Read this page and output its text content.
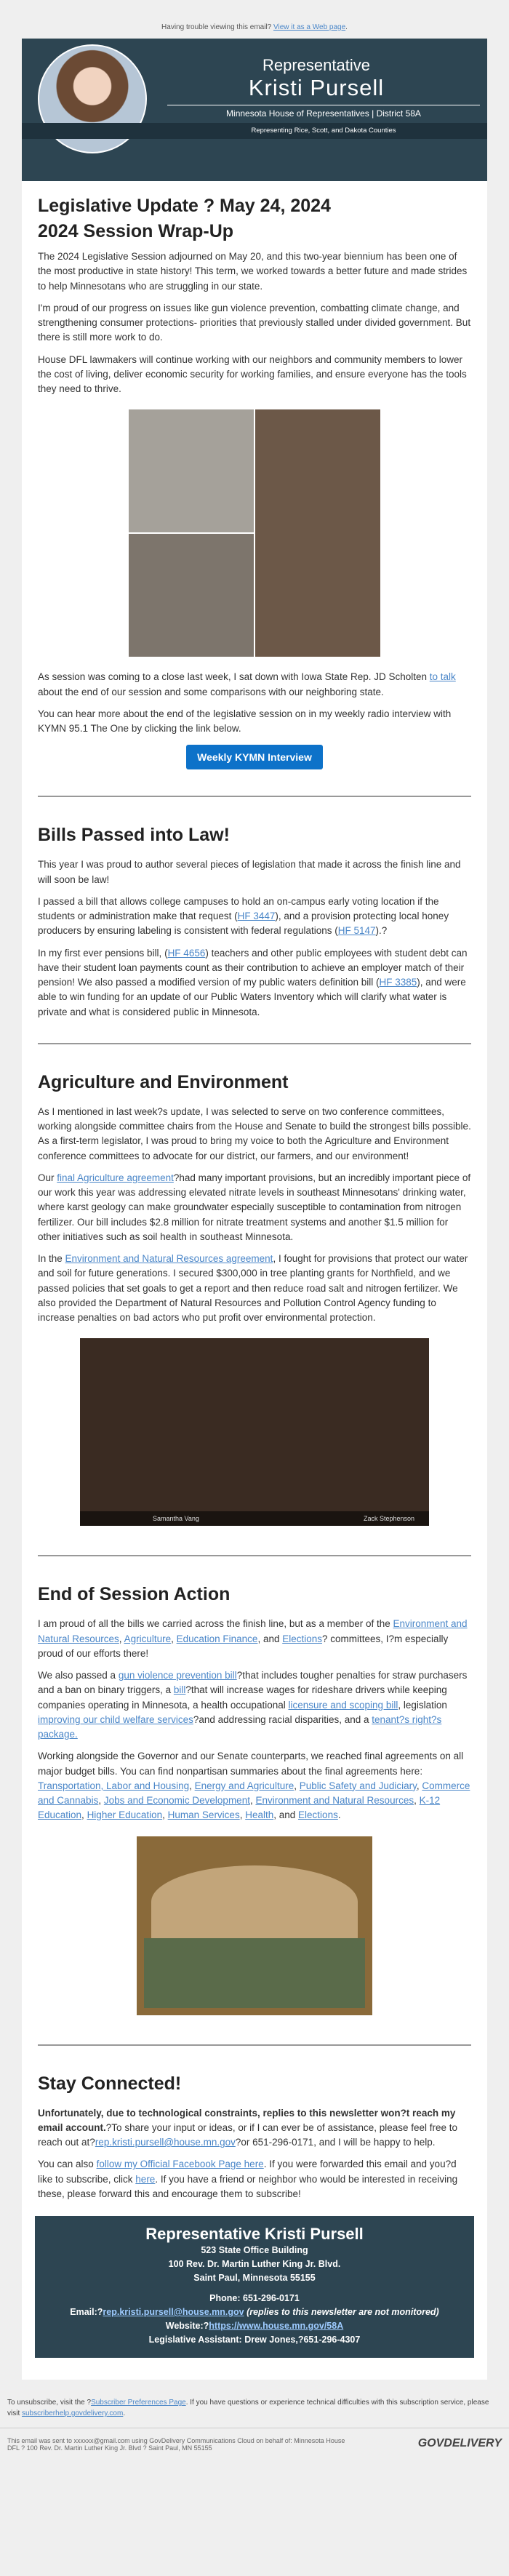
Having trouble viewing this email? View it as a Web page.
Representative
Kristi Pursell
Minnesota House of Representatives | District 58A
Representing Rice, Scott, and Dakota Counties
Legislative Update ? May 24, 2024
2024 Session Wrap-Up

The 2024 Legislative Session adjourned on May 20, and this two-year biennium has been one of the most productive in state history! This term, we worked towards a better future and made strides to help Minnesotans who are struggling in our state.

I'm proud of our progress on issues like gun violence prevention, combatting climate change, and strengthening consumer protections- priorities that previously stalled under divided government. But there is still more work to do.

House DFL lawmakers will continue working with our neighbors and community members to lower the cost of living, deliver economic security for working families, and ensure everyone has the tools they need to thrive.

As session was coming to a close last week, I sat down with Iowa State Rep. JD Scholten to talk about the end of our session and some comparisons with our neighboring state.

You can hear more about the end of the legislative session on in my weekly radio interview with KYMN 95.1 The One by clicking the link below.

Weekly KYMN Interview
Bills Passed into Law!

This year I was proud to author several pieces of legislation that made it across the finish line and will soon be law!

I passed a bill that allows college campuses to hold an on-campus early voting location if the students or administration make that request (HF 3447), and a provision protecting local honey producers by ensuring labeling is consistent with federal regulations (HF 5147).?

In my first ever pensions bill, (HF 4656) teachers and other public employees with student debt can have their student loan payments count as their contribution to achieve an employer match of their pension! We also passed a modified version of my public waters definition bill (HF 3385), and were able to win funding for an update of our Public Waters Inventory which will clarify what water is private and what is considered public in Minnesota.

Agriculture and Environment

As I mentioned in last week?s update, I was selected to serve on two conference committees, working alongside committee chairs from the House and Senate to build the strongest bills possible. As a first-term legislator, I was proud to bring my voice to both the Agriculture and Environment conference committees to advocate for our district, our farmers, and our environment!

Our final Agriculture agreement?had many important provisions, but an incredibly important piece of our work this year was addressing elevated nitrate levels in southeast Minnesotans' drinking water, where karst geology can make groundwater especially susceptible to contamination from nitrogen fertilizer. Our bill includes $2.8 million for nitrate treatment systems and another $1.5 million for other initiatives such as soil health in southeast Minnesota.

In the Environment and Natural Resources agreement, I fought for provisions that protect our water and soil for future generations. I secured $300,000 in tree planting grants for Northfield, and we passed policies that set goals to get a report and then reduce road salt and nitrogen fertilizer. We also provided the Department of Natural Resources and Pollution Control Agency funding to increase penalties on bad actors who put profit over environmental protection.

Samantha Vang	Zack Stephenson
End of Session Action

I am proud of all the bills we carried across the finish line, but as a member of the Environment and Natural Resources, Agriculture, Education Finance, and Elections? committees, I?m especially proud of our efforts there!

We also passed a gun violence prevention bill?that includes tougher penalties for straw purchasers and a ban on binary triggers, a bill?that will increase wages for rideshare drivers while keeping companies operating in Minnesota, a health occupational licensure and scoping bill, legislation improving our child welfare services?and addressing racial disparities, and a tenant?s right?s package.

Working alongside the Governor and our Senate counterparts, we reached final agreements on all major budget bills. You can find nonpartisan summaries about the final agreements here: Transportation, Labor and Housing, Energy and Agriculture, Public Safety and Judiciary, Commerce and Cannabis, Jobs and Economic Development, Environment and Natural Resources, K-12 Education, Higher Education, Human Services, Health, and Elections.

Stay Connected!

Unfortunately, due to technological constraints, replies to this newsletter won?t reach my email account.?To share your input or ideas, or if I can ever be of assistance, please feel free to reach out at?rep.kristi.pursell@house.mn.gov?or 651-296-0171, and I will be happy to help.

You can also follow my Official Facebook Page here. If you were forwarded this email and you?d like to subscribe, click here. If you have a friend or neighbor who would be interested in receiving these, please forward this and encourage them to subscribe!

Representative Kristi Pursell
523 State Office Building
100 Rev. Dr. Martin Luther King Jr. Blvd.
Saint Paul, Minnesota 55155
Phone: 651-296-0171
Email:?rep.kristi.pursell@house.mn.gov (replies to this newsletter are not monitored)
Website:?https://www.house.mn.gov/58A
Legislative Assistant: Drew Jones,?651-296-4307
To unsubscribe, visit the ?Subscriber Preferences Page. If you have questions or experience technical difficulties with this subscription service, please visit subscriberhelp.govdelivery.com.
This email was sent to xxxxxx@gmail.com using GovDelivery Communications Cloud on behalf of: Minnesota House DFL ? 100 Rev. Dr. Martin Luther King Jr. Blvd ? Saint Paul, MN 55155	GOVDELIVERY
